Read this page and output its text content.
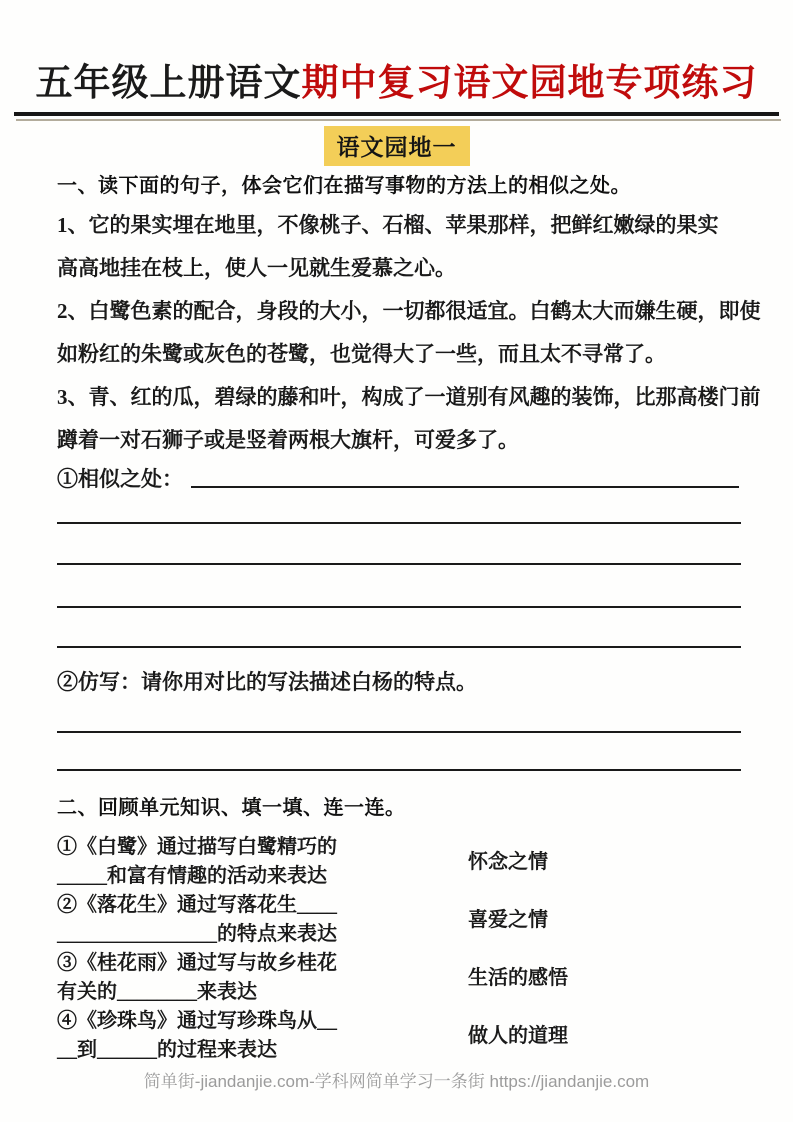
五年级上册语文期中复习语文园地专项练习
语文园地一
一、读下面的句子，体会它们在描写事物的方法上的相似之处。
1、它的果实埋在地里，不像桃子、石榴、苹果那样，把鲜红嫩绿的果实
高高地挂在枝上，使人一见就生爱慕之心。
2、白鹭色素的配合，身段的大小，一切都很适宜。白鹤太大而嫌生硬，即使
如粉红的朱鹭或灰色的苍鹭，也觉得大了一些，而且太不寻常了。
3、青、红的瓜，碧绿的藤和叶，构成了一道别有风趣的装饰，比那高楼门前
蹲着一对石狮子或是竖着两根大旗杆，可爱多了。
①相似之处：
②仿写：请你用对比的写法描述白杨的特点。
二、回顾单元知识、填一填、连一连。
①《白鹭》通过描写白鹭精巧的
_____和富有情趣的活动来表达
②《落花生》通过写落花生____
________________的特点来表达
③《桂花雨》通过写与故乡桂花
有关的________来表达
④《珍珠鸟》通过写珍珠鸟从__
__到______的过程来表达
怀念之情
喜爱之情
生活的感悟
做人的道理
简单街-jiandanjie.com-学科网简单学习一条街 https://jiandanjie.com
